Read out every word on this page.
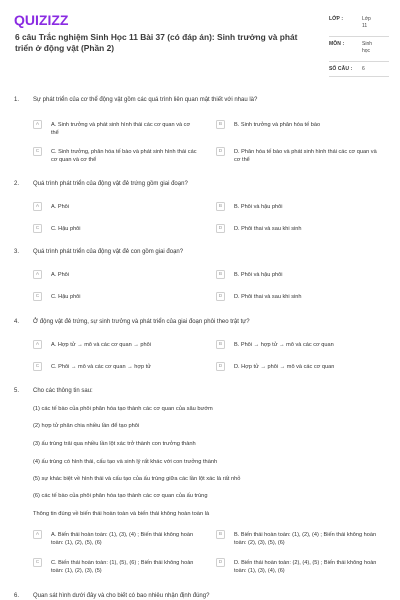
QUIZIZZ
6 câu Trắc nghiệm Sinh Học 11 Bài 37 (có đáp án): Sinh trưởng và phát triển ở động vật (Phần 2)
LỚP :	Lớp 11
MÔN :	Sinh học
SỐ CÂU : 6
1. Sự phát triển của cơ thể động vật gồm các quá trình liên quan mật thiết với nhau là?
A	A. Sinh trưởng và phát sinh hình thái các cơ quan và cơ thể
B	B. Sinh trưởng và phân hóa tế bào
C	C. Sinh trưởng, phân hóa tế bào và phát sinh hình thái các cơ quan và cơ thể
D	D. Phân hóa tế bào và phát sinh hình thái các cơ quan và cơ thể
2. Quá trình phát triển của động vật đẻ trứng gồm giai đoạn?
A	A. Phôi	B	B. Phôi và hậu phôi
C	C. Hậu phôi	D	D. Phôi thai và sau khi sinh
3. Quá trình phát triển của động vật đẻ con gồm giai đoạn?
A	A. Phôi	B	B. Phôi và hậu phôi
C	C. Hậu phôi	D	D. Phôi thai và sau khi sinh
4. Ở động vật đẻ trứng, sự sinh trưởng và phát triển của giai đoạn phôi theo trật tự?
A	A. Hợp tử → mô và các cơ quan → phôi	B	B. Phôi → hợp tử → mô và các cơ quan
C	C. Phôi → mô và các cơ quan → hợp tử	D	D. Hợp tử → phôi → mô và các cơ quan
5. Cho các thông tin sau:
(1) các tế bào của phôi phân hóa tạo thành các cơ quan của sâu bướm
(2) hợp tử phân chia nhiều lần để tạo phôi
(3) ấu trùng trải qua nhiều lần lột xác trở thành con trưởng thành
(4) ấu trùng có hình thái, cấu tạo và sinh lý rất khác với con trưởng thành
(5) sự khác biệt về hình thái và cấu tạo của ấu trùng giữa các lần lột xác là rất nhỏ
(6) các tế bào của phôi phân hóa tạo thành các cơ quan của ấu trùng
Thông tin đúng về biến thái hoàn toàn và biến thái không hoàn toàn là
A	A. Biến thái hoàn toàn: (1), (3), (4) ; Biến thái không hoàn toàn: (1), (2), (5), (6)
B	B. Biến thái hoàn toàn: (1), (2), (4) ; Biến thái không hoàn toàn: (2), (3), (5), (6)
C	C. Biến thái hoàn toàn: (1), (5), (6) ; Biến thái không hoàn toàn: (1), (2), (3), (5)
D	D. Biến thái hoàn toàn: (2), (4), (5) ; Biến thái không hoàn toàn: (1), (3), (4), (6)
6. Quan sát hình dưới đây và cho biết có bao nhiêu nhận định đúng?
